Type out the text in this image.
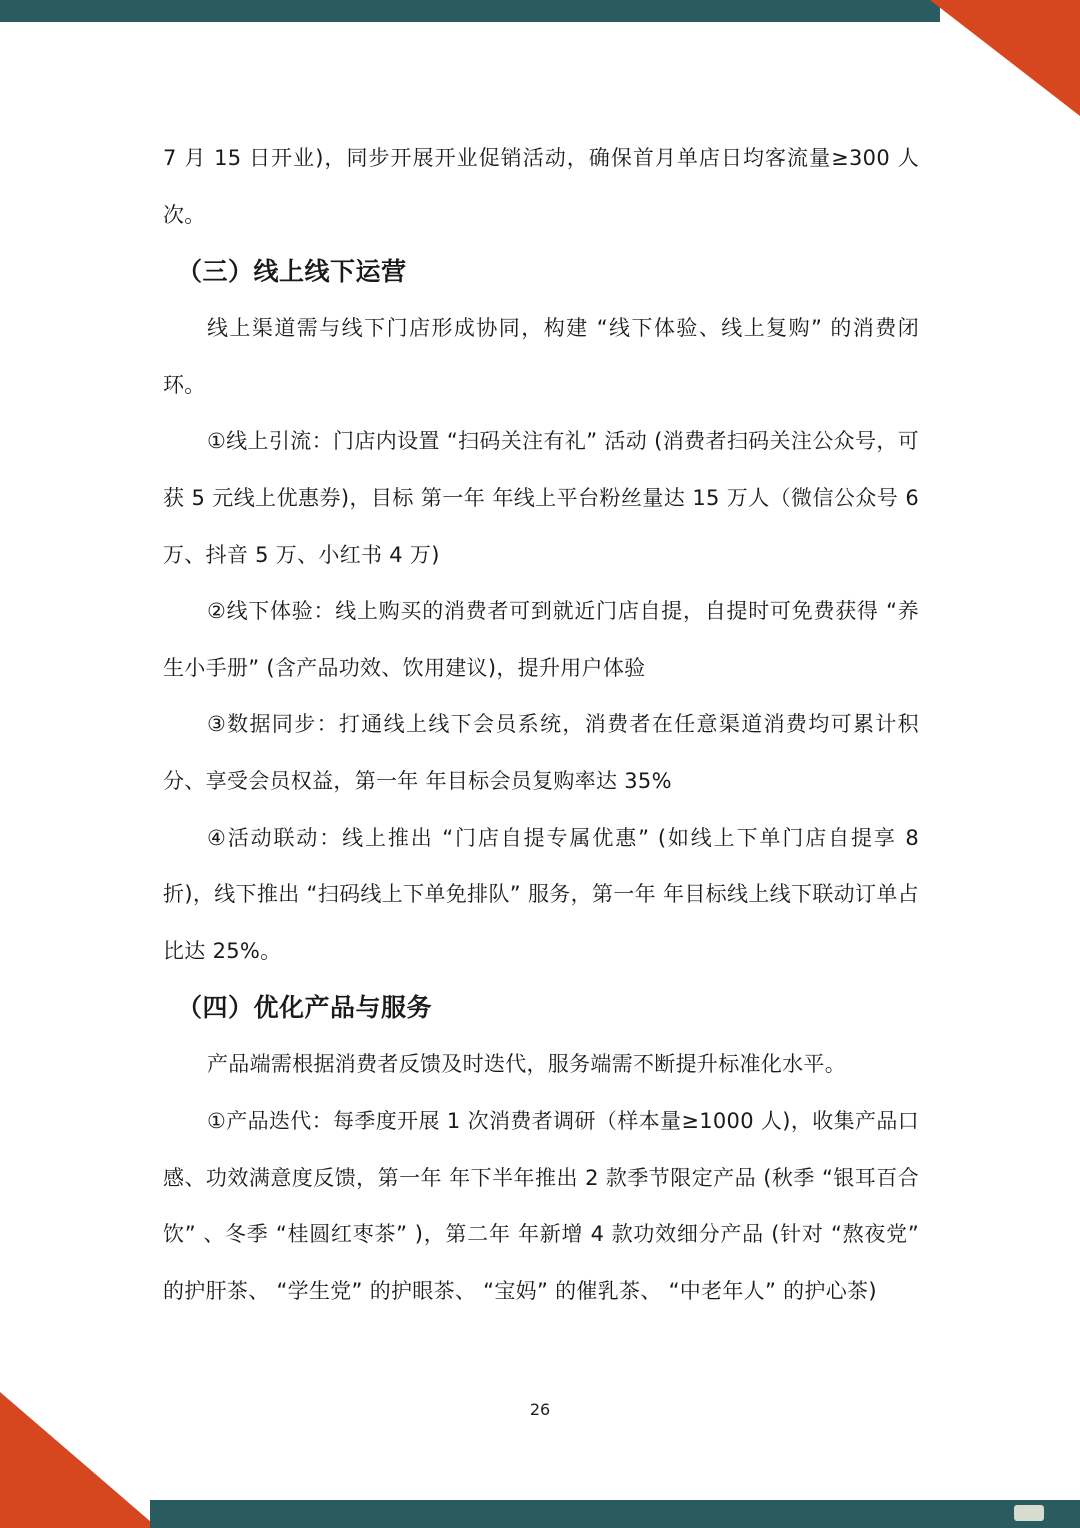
7 月 15 日开业)，同步开展开业促销活动，确保首月单店日均客流量≥300 人次。

（三）线上线下运营

线上渠道需与线下门店形成协同，构建 “线下体验、线上复购” 的消费闭环。

①线上引流：门店内设置 “扫码关注有礼” 活动 (消费者扫码关注公众号，可获 5 元线上优惠券)，目标 第一年 年线上平台粉丝量达 15 万人（微信公众号 6 万、抖音 5 万、小红书 4 万)

②线下体验：线上购买的消费者可到就近门店自提，自提时可免费获得 “养生小手册” (含产品功效、饮用建议)，提升用户体验

③数据同步：打通线上线下会员系统，消费者在任意渠道消费均可累计积分、享受会员权益，第一年 年目标会员复购率达 35%

④活动联动：线上推出 “门店自提专属优惠” (如线上下单门店自提享 8 折)，线下推出 “扫码线上下单免排队” 服务，第一年 年目标线上线下联动订单占比达 25%。

（四）优化产品与服务

产品端需根据消费者反馈及时迭代，服务端需不断提升标准化水平。

①产品迭代：每季度开展 1 次消费者调研（样本量≥1000 人)，收集产品口感、功效满意度反馈，第一年 年下半年推出 2 款季节限定产品 (秋季 “银耳百合饮” 、冬季 “桂圆红枣茶” )，第二年 年新增 4 款功效细分产品 (针对 “熬夜党” 的护肝茶、 “学生党” 的护眼茶、 “宝妈” 的催乳茶、 “中老年人” 的护心茶)

26
